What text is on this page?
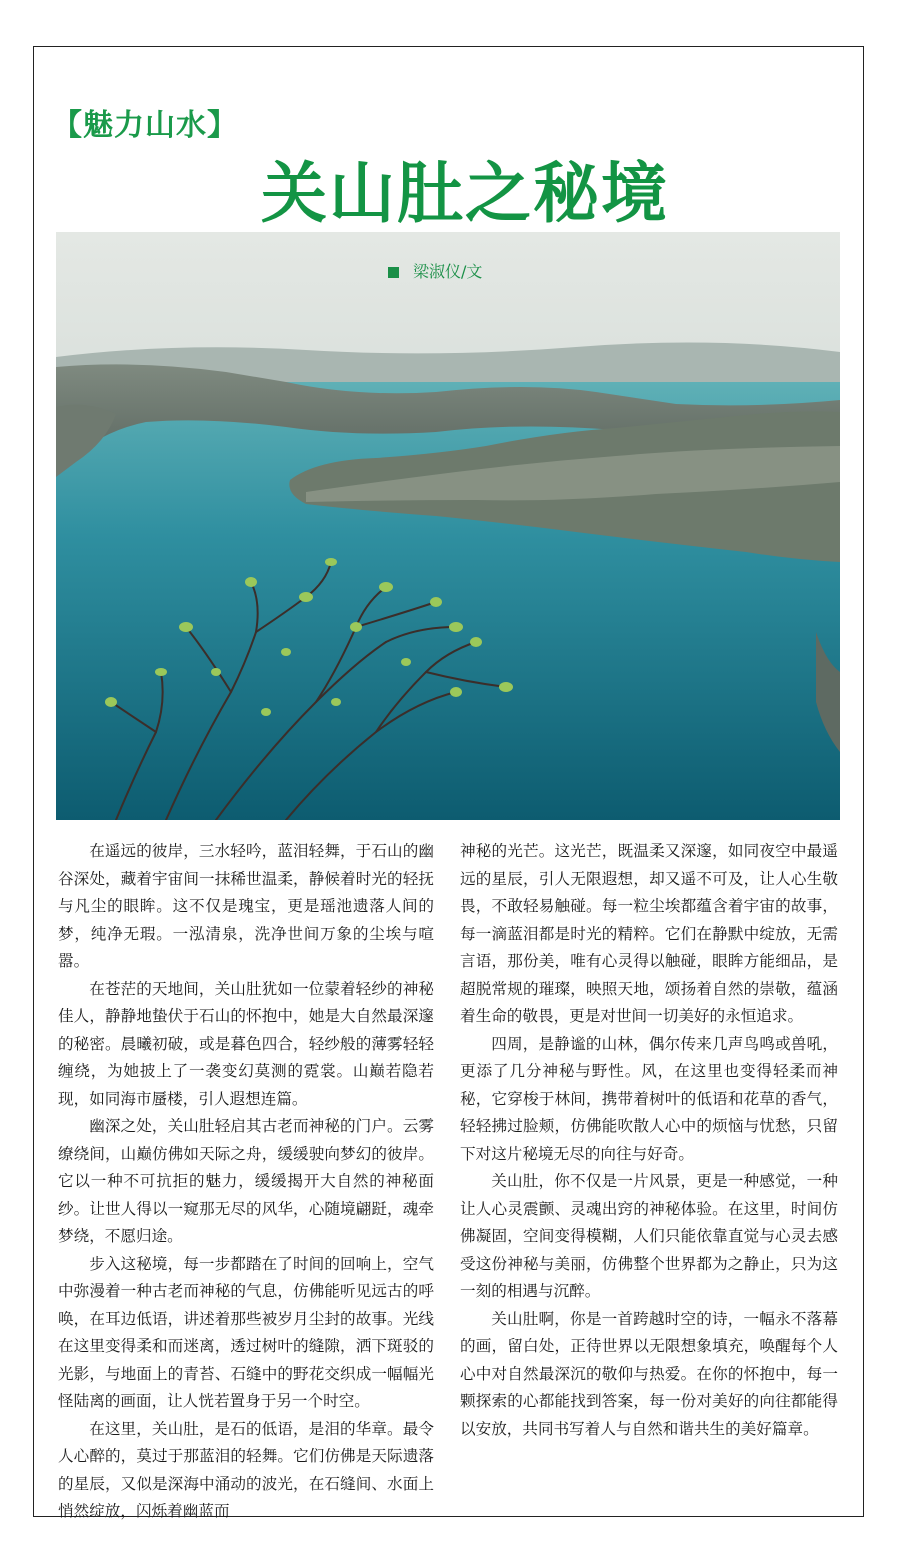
【魅力山水】
关山肚之秘境
梁淑仪/文

在遥远的彼岸，三水轻吟，蓝泪轻舞，于石山的幽谷深处，藏着宇宙间一抹稀世温柔，静候着时光的轻抚与凡尘的眼眸。这不仅是瑰宝，更是瑶池遗落人间的梦，纯净无瑕。一泓清泉，洗净世间万象的尘埃与喧嚣。

在苍茫的天地间，关山肚犹如一位蒙着轻纱的神秘佳人，静静地蛰伏于石山的怀抱中，她是大自然最深邃的秘密。晨曦初破，或是暮色四合，轻纱般的薄雾轻轻缠绕，为她披上了一袭变幻莫测的霓裳。山巅若隐若现，如同海市蜃楼，引人遐想连篇。

幽深之处，关山肚轻启其古老而神秘的门户。云雾缭绕间，山巅仿佛如天际之舟，缓缓驶向梦幻的彼岸。它以一种不可抗拒的魅力，缓缓揭开大自然的神秘面纱。让世人得以一窥那无尽的风华，心随境翩跹，魂牵梦绕，不愿归途。

步入这秘境，每一步都踏在了时间的回响上，空气中弥漫着一种古老而神秘的气息，仿佛能听见远古的呼唤，在耳边低语，讲述着那些被岁月尘封的故事。光线在这里变得柔和而迷离，透过树叶的缝隙，洒下斑驳的光影，与地面上的青苔、石缝中的野花交织成一幅幅光怪陆离的画面，让人恍若置身于另一个时空。

在这里，关山肚，是石的低语，是泪的华章。最令人心醉的，莫过于那蓝泪的轻舞。它们仿佛是天际遗落的星辰，又似是深海中涌动的波光，在石缝间、水面上悄然绽放，闪烁着幽蓝而

神秘的光芒。这光芒，既温柔又深邃，如同夜空中最遥远的星辰，引人无限遐想，却又遥不可及，让人心生敬畏，不敢轻易触碰。每一粒尘埃都蕴含着宇宙的故事，每一滴蓝泪都是时光的精粹。它们在静默中绽放，无需言语，那份美，唯有心灵得以触碰，眼眸方能细品，是超脱常规的璀璨，映照天地，颂扬着自然的崇敬，蕴涵着生命的敬畏，更是对世间一切美好的永恒追求。

四周，是静谧的山林，偶尔传来几声鸟鸣或兽吼，更添了几分神秘与野性。风，在这里也变得轻柔而神秘，它穿梭于林间，携带着树叶的低语和花草的香气，轻轻拂过脸颊，仿佛能吹散人心中的烦恼与忧愁，只留下对这片秘境无尽的向往与好奇。

关山肚，你不仅是一片风景，更是一种感觉，一种让人心灵震颤、灵魂出窍的神秘体验。在这里，时间仿佛凝固，空间变得模糊，人们只能依靠直觉与心灵去感受这份神秘与美丽，仿佛整个世界都为之静止，只为这一刻的相遇与沉醉。

关山肚啊，你是一首跨越时空的诗，一幅永不落幕的画，留白处，正待世界以无限想象填充，唤醒每个人心中对自然最深沉的敬仰与热爱。在你的怀抱中，每一颗探索的心都能找到答案，每一份对美好的向往都能得以安放，共同书写着人与自然和谐共生的美好篇章。
